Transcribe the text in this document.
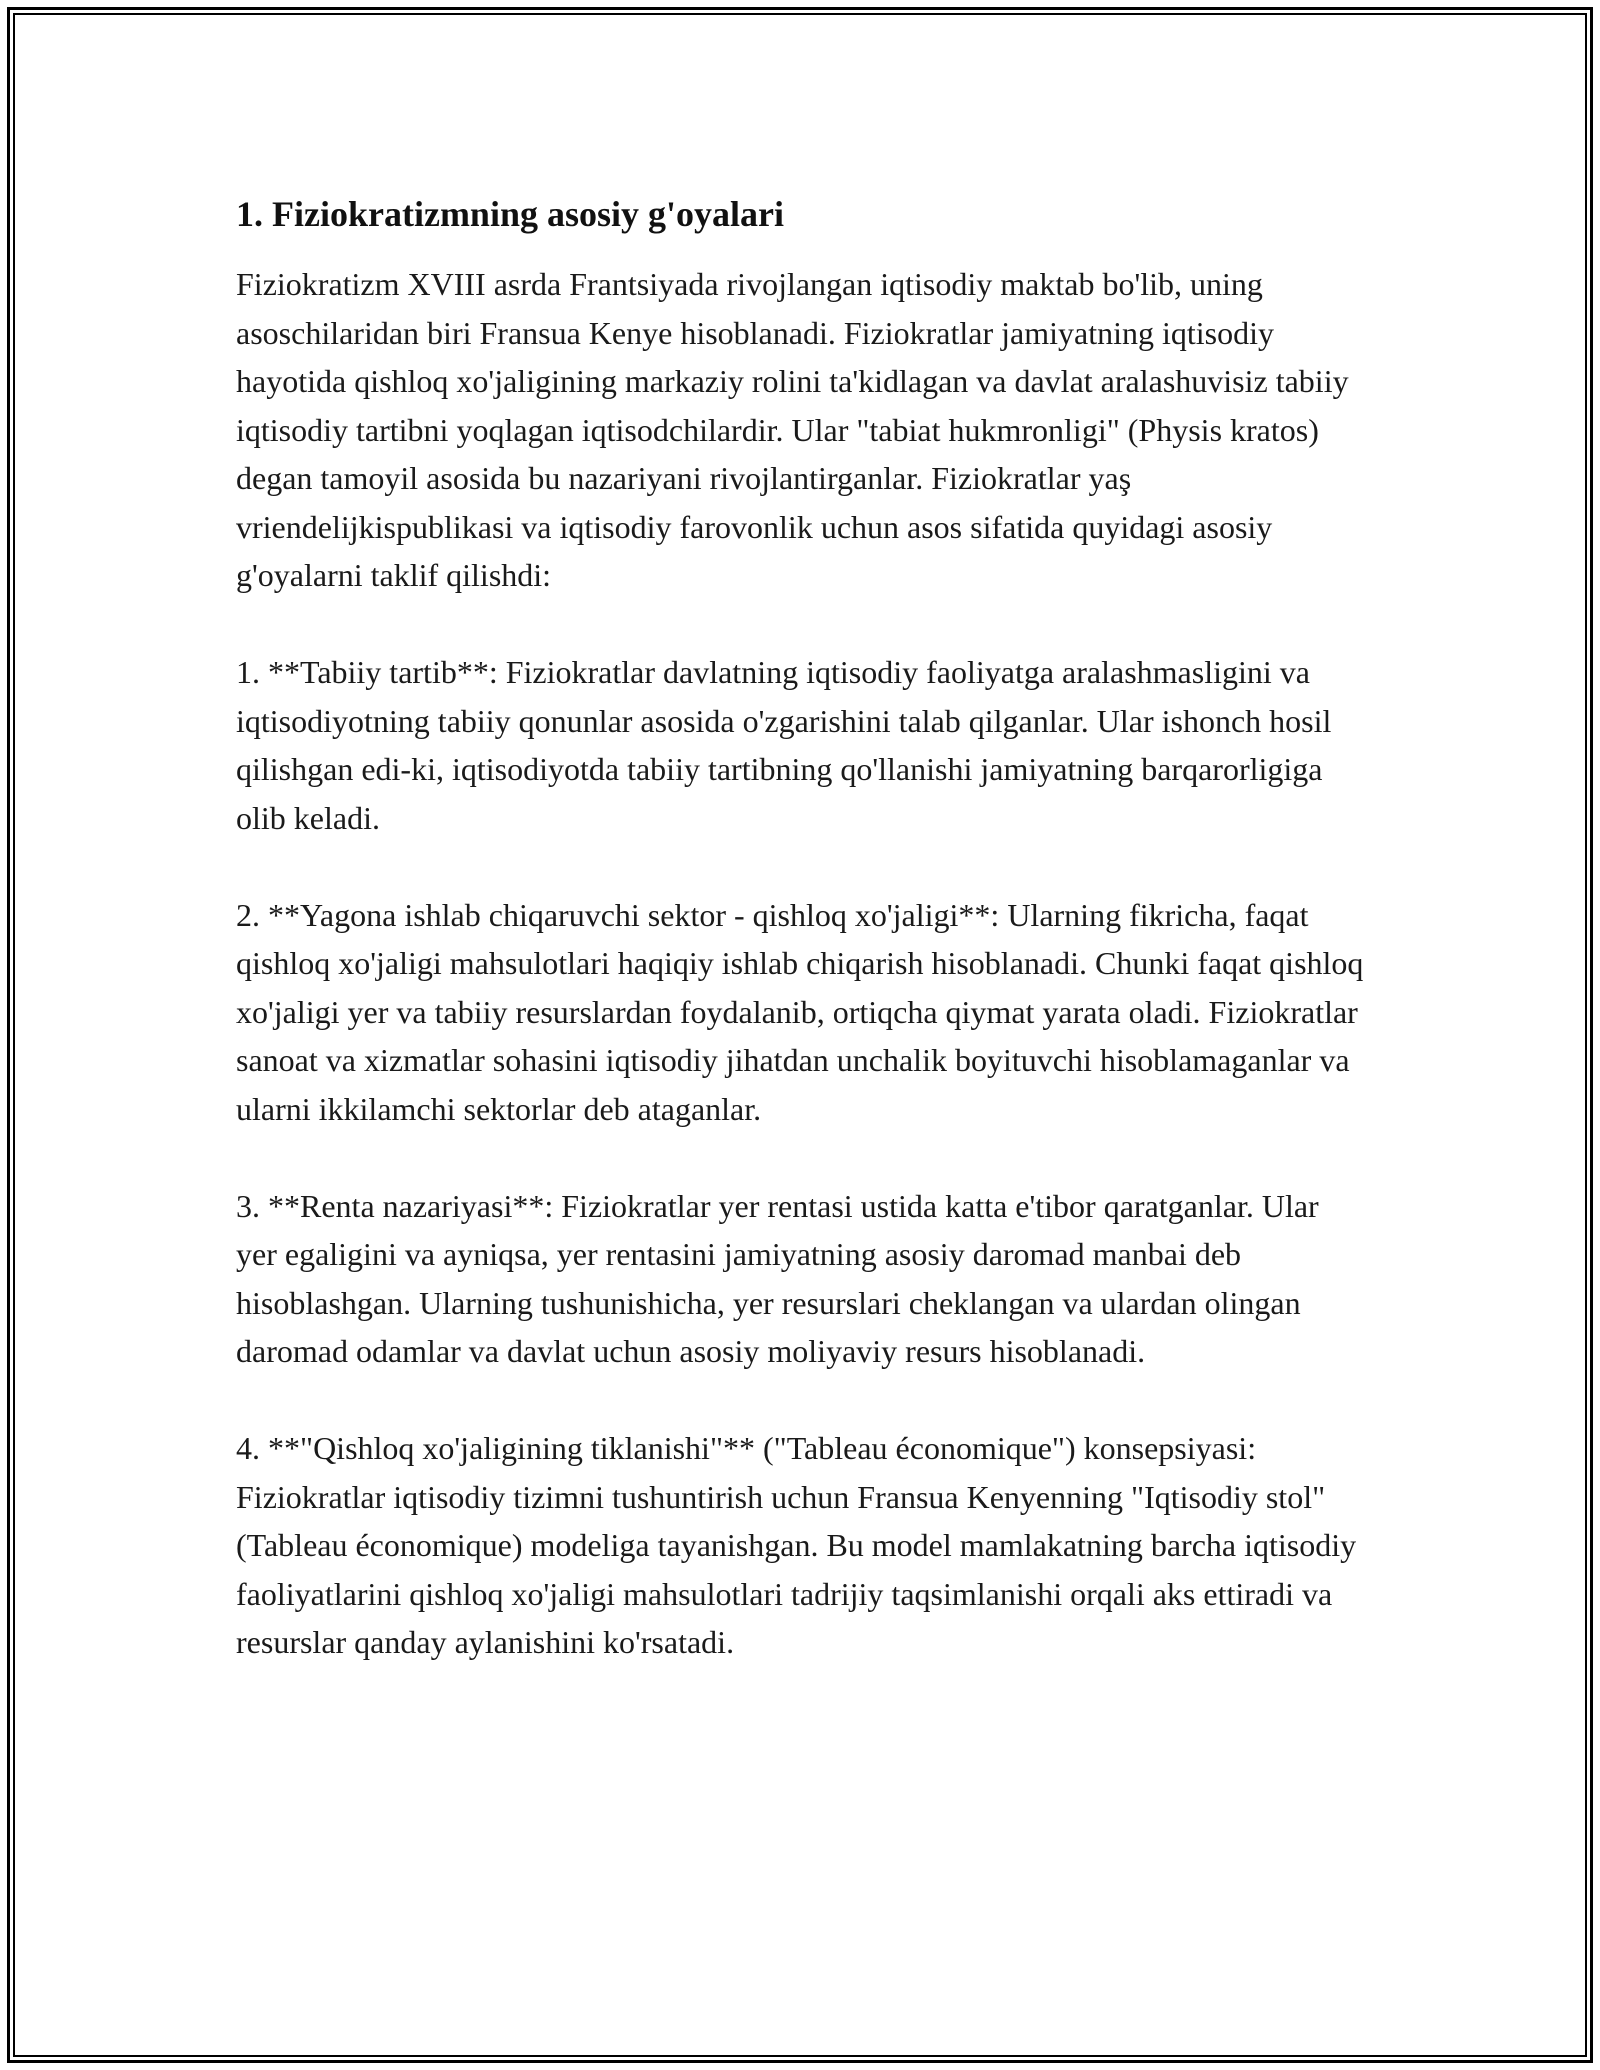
1. Fiziokratizmning asosiy g'oyalari

Fiziokratizm XVIII asrda Frantsiyada rivojlangan iqtisodiy maktab bo'lib, uning asoschilaridan biri Fransua Kenye hisoblanadi. Fiziokratlar jamiyatning iqtisodiy hayotida qishloq xo'jaligining markaziy rolini ta'kidlagan va davlat aralashuvisiz tabiiy iqtisodiy tartibni yoqlagan iqtisodchilardir. Ular "tabiat hukmronligi" (Physis kratos) degan tamoyil asosida bu nazariyani rivojlantirganlar. Fiziokratlar yaş vriendelijkispublikasi va iqtisodiy farovonlik uchun asos sifatida quyidagi asosiy g'oyalarni taklif qilishdi:

1. **Tabiiy tartib**: Fiziokratlar davlatning iqtisodiy faoliyatga aralashmasligini va iqtisodiyotning tabiiy qonunlar asosida o'zgarishini talab qilganlar. Ular ishonch hosil qilishgan edi-ki, iqtisodiyotda tabiiy tartibning qo'llanishi jamiyatning barqarorligiga olib keladi.

2. **Yagona ishlab chiqaruvchi sektor - qishloq xo'jaligi**: Ularning fikricha, faqat qishloq xo'jaligi mahsulotlari haqiqiy ishlab chiqarish hisoblanadi. Chunki faqat qishloq xo'jaligi yer va tabiiy resurslardan foydalanib, ortiqcha qiymat yarata oladi. Fiziokratlar sanoat va xizmatlar sohasini iqtisodiy jihatdan unchalik boyituvchi hisoblamaganlar va ularni ikkilamchi sektorlar deb ataganlar.

3. **Renta nazariyasi**: Fiziokratlar yer rentasi ustida katta e'tibor qaratganlar. Ular yer egaligini va ayniqsa, yer rentasini jamiyatning asosiy daromad manbai deb hisoblashgan. Ularning tushunishicha, yer resurslari cheklangan va ulardan olingan daromad odamlar va davlat uchun asosiy moliyaviy resurs hisoblanadi.

4. **"Qishloq xo'jaligining tiklanishi"** ("Tableau économique") konsepsiyasi: Fiziokratlar iqtisodiy tizimni tushuntirish uchun Fransua Kenyenning "Iqtisodiy stol" (Tableau économique) modeliga tayanishgan. Bu model mamlakatning barcha iqtisodiy faoliyatlarini qishloq xo'jaligi mahsulotlari tadrijiy taqsimlanishi orqali aks ettiradi va resurslar qanday aylanishini ko'rsatadi.
